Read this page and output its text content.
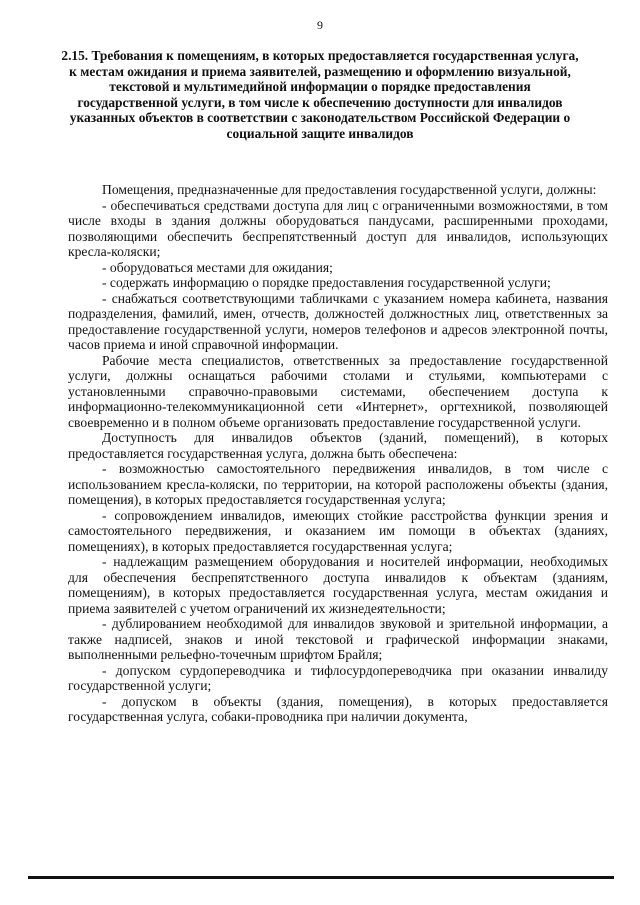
9
2.15. Требования к помещениям, в которых предоставляется государственная услуга, к местам ожидания и приема заявителей, размещению и оформлению визуальной, текстовой и мультимедийной информации о порядке предоставления государственной услуги, в том числе к обеспечению доступности для инвалидов указанных объектов в соответствии с законодательством Российской Федерации о социальной защите инвалидов

Помещения, предназначенные для предоставления государственной услуги, должны:

- обеспечиваться средствами доступа для лиц с ограниченными возможностями, в том числе входы в здания должны оборудоваться пандусами, расширенными проходами, позволяющими обеспечить беспрепятственный доступ для инвалидов, использующих кресла-коляски;

- оборудоваться местами для ожидания;

- содержать информацию о порядке предоставления государственной услуги;

- снабжаться соответствующими табличками с указанием номера кабинета, названия подразделения, фамилий, имен, отчеств, должностей должностных лиц, ответственных за предоставление государственной услуги, номеров телефонов и адресов электронной почты, часов приема и иной справочной информации.

Рабочие места специалистов, ответственных за предоставление государственной услуги, должны оснащаться рабочими столами и стульями, компьютерами с установленными справочно-правовыми системами, обеспечением доступа к информационно-телекоммуникационной сети «Интернет», оргтехникой, позволяющей своевременно и в полном объеме организовать предоставление государственной услуги.

Доступность для инвалидов объектов (зданий, помещений), в которых предоставляется государственная услуга, должна быть обеспечена:

- возможностью самостоятельного передвижения инвалидов, в том числе с использованием кресла-коляски, по территории, на которой расположены объекты (здания, помещения), в которых предоставляется государственная услуга;

- сопровождением инвалидов, имеющих стойкие расстройства функции зрения и самостоятельного передвижения, и оказанием им помощи в объектах (зданиях, помещениях), в которых предоставляется государственная услуга;

- надлежащим размещением оборудования и носителей информации, необходимых для обеспечения беспрепятственного доступа инвалидов к объектам (зданиям, помещениям), в которых предоставляется государственная услуга, местам ожидания и приема заявителей с учетом ограничений их жизнедеятельности;

- дублированием необходимой для инвалидов звуковой и зрительной информации, а также надписей, знаков и иной текстовой и графической информации знаками, выполненными рельефно-точечным шрифтом Брайля;

- допуском сурдопереводчика и тифлосурдопереводчика при оказании инвалиду государственной услуги;

- допуском в объекты (здания, помещения), в которых предоставляется государственная услуга, собаки-проводника при наличии документа,
